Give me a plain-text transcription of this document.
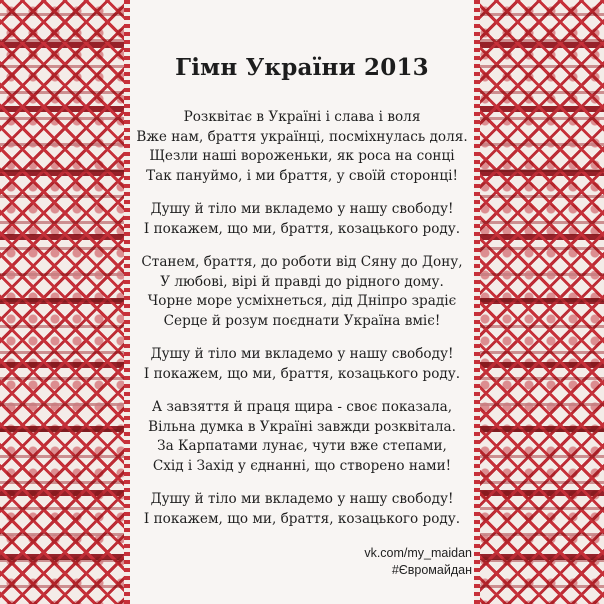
Гімн України 2013
Розквітає в Україні і слава і воля
Вже нам, браття українці, посміхнулась доля.
Щезли наші вороженьки, як роса на сонці
Так пануймо, і ми браття, у своїй сторонці!
Душу й тіло ми вкладемо у нашу свободу!
І покажем, що ми, браття, козацького роду.
Станем, браття, до роботи від Сяну до Дону,
У любові, вірі й правді до рідного дому.
Чорне море усміхнеться, дід Дніпро зрадіє
Серце й розум поєднати Україна вміє!
Душу й тіло ми вкладемо у нашу свободу!
І покажем, що ми, браття, козацького роду.
А завзяття й праця щира - своє показала,
Вільна думка в Україні завжди розквітала.
За Карпатами лунає, чути вже степами,
Схід і Захід у єднанні, що створено нами!
Душу й тіло ми вкладемо у нашу свободу!
І покажем, що ми, браття, козацького роду.
vk.com/my_maidan
#Євромайдан
